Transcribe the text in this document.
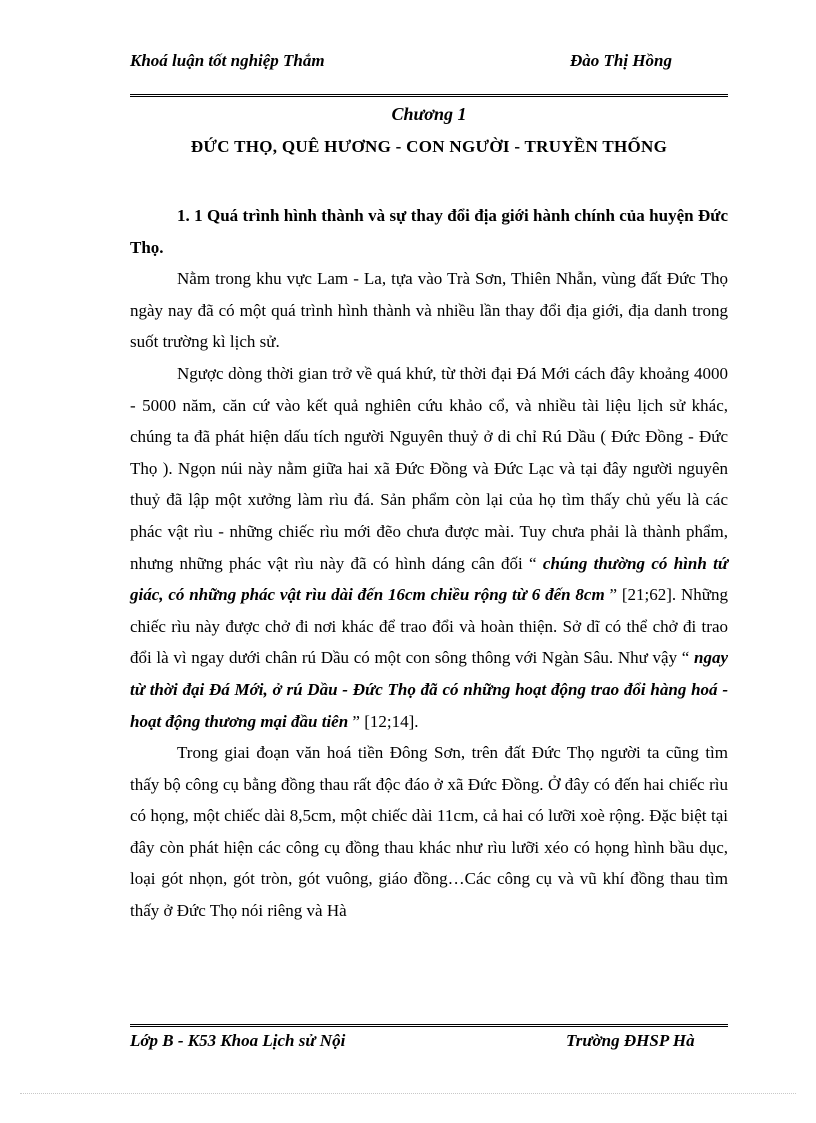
Khoá luận tốt nghiệp Thắm	Đào Thị Hồng
Chương 1
ĐỨC THỌ, QUÊ HƯƠNG - CON NGƯỜI - TRUYỀN THỐNG

1. 1 Quá trình hình thành và sự thay đổi địa giới hành chính của huyện Đức Thọ.

Nằm trong khu vực Lam - La, tựa vào Trà Sơn, Thiên Nhẫn, vùng đất Đức Thọ ngày nay đã có một quá trình hình thành và nhiều lần thay đổi địa giới, địa danh trong suốt trường kì lịch sử.

Ngược dòng thời gian trở về quá khứ, từ thời đại Đá Mới cách đây khoảng 4000 - 5000 năm, căn cứ vào kết quả nghiên cứu khảo cổ, và nhiều tài liệu lịch sử khác, chúng ta đã phát hiện dấu tích người Nguyên thuỷ ở di chỉ Rú Dầu ( Đức Đồng - Đức Thọ ). Ngọn núi này nằm giữa hai xã Đức Đồng và Đức Lạc và tại đây người nguyên thuỷ đã lập một xưởng làm rìu đá. Sản phẩm còn lại của họ tìm thấy chủ yếu là các phác vật rìu - những chiếc rìu mới đẽo chưa được mài. Tuy chưa phải là thành phẩm, nhưng những phác vật rìu này đã có hình dáng cân đối “ chúng thường có hình tứ giác, có những phác vật rìu dài đến 16cm chiều rộng từ 6 đến 8cm ” [21;62]. Những chiếc rìu này được chở đi nơi khác để trao đổi và hoàn thiện. Sở dĩ có thể chở đi trao đổi là vì ngay dưới chân rú Dầu có một con sông thông với Ngàn Sâu. Như vậy “ ngay từ thời đại Đá Mới, ở rú Dầu - Đức Thọ đã có những hoạt động trao đổi hàng hoá - hoạt động thương mại đầu tiên ” [12;14].

Trong giai đoạn văn hoá tiền Đông Sơn, trên đất Đức Thọ người ta cũng tìm thấy bộ công cụ bằng đồng thau rất độc đáo ở xã Đức Đồng. Ở đây có đến hai chiếc rìu có họng, một chiếc dài 8,5cm, một chiếc dài 11cm, cả hai có lưỡi xoè rộng. Đặc biệt tại đây còn phát hiện các công cụ đồng thau khác như rìu lưỡi xéo có họng hình bầu dục, loại gót nhọn, gót tròn, gót vuông, giáo đồng…Các công cụ và vũ khí đồng thau tìm thấy ở Đức Thọ nói riêng và Hà

Lớp B - K53 Khoa Lịch sử Nội	Trường ĐHSP Hà
